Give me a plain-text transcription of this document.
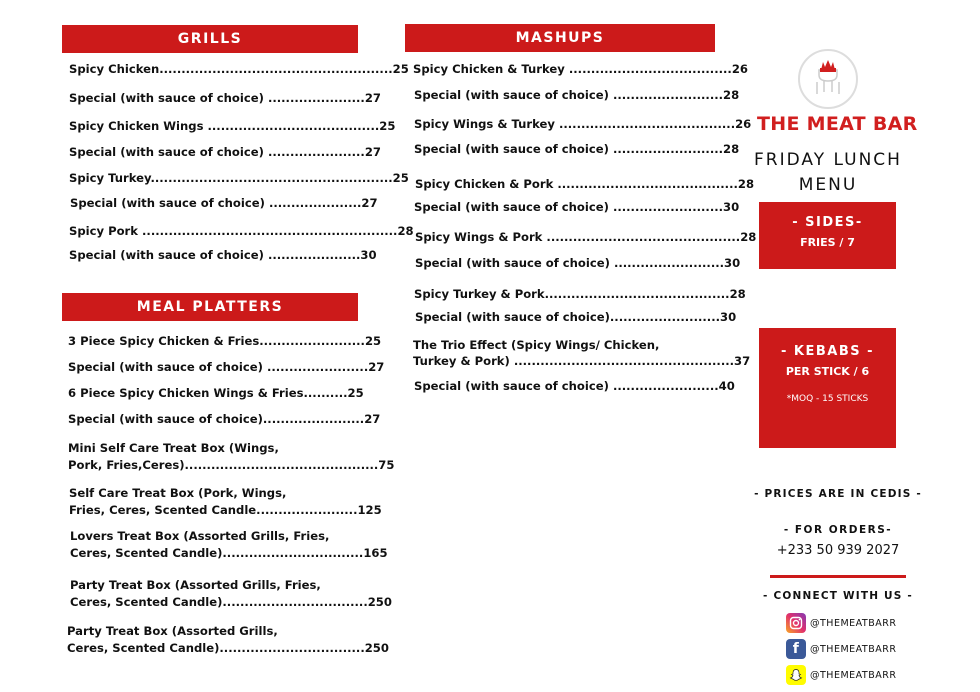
GRILLS
Spicy Chicken.....................................................25
Special (with sauce of choice) ......................27
Spicy Chicken Wings .......................................25
Special (with sauce of choice) ......................27
Spicy Turkey.......................................................25
Special (with sauce of choice) .....................27
Spicy Pork ..........................................................28
Special (with sauce of choice) .....................30
MEAL PLATTERS
3 Piece Spicy Chicken & Fries........................25
Special (with sauce of choice) .......................27
6 Piece Spicy Chicken Wings & Fries..........25
Special (with sauce of choice).......................27
Mini Self Care Treat Box (Wings,
Pork, Fries,Ceres)............................................75
Self Care Treat Box (Pork, Wings,
Fries, Ceres, Scented Candle.......................125
Lovers Treat Box (Assorted Grills, Fries,
Ceres, Scented Candle)................................165
Party Treat Box (Assorted Grills, Fries,
Ceres, Scented Candle).................................250
Party Treat Box (Assorted Grills,
Ceres, Scented Candle).................................250
MASHUPS
Spicy Chicken & Turkey .....................................26
Special (with sauce of choice) .........................28
Spicy Wings & Turkey ........................................26
Special (with sauce of choice) .........................28
Spicy Chicken & Pork .........................................28
Special (with sauce of choice) .........................30
Spicy Wings & Pork ............................................28
Special (with sauce of choice) .........................30
Spicy Turkey & Pork..........................................28
Special (with sauce of choice).........................30
The Trio Effect (Spicy Wings/ Chicken,
Turkey & Pork) ..................................................37
Special (with sauce of choice) ........................40
THE MEAT BAR
FRIDAY LUNCH
MENU
- SIDES-
FRIES / 7
- KEBABS -
PER STICK / 6
*MOQ - 15 STICKS
- PRICES ARE IN CEDIS -
- FOR ORDERS-
+233 50 939 2027
- CONNECT WITH US -
@THEMEATBARR
f	@THEMEATBARR
@THEMEATBARR
